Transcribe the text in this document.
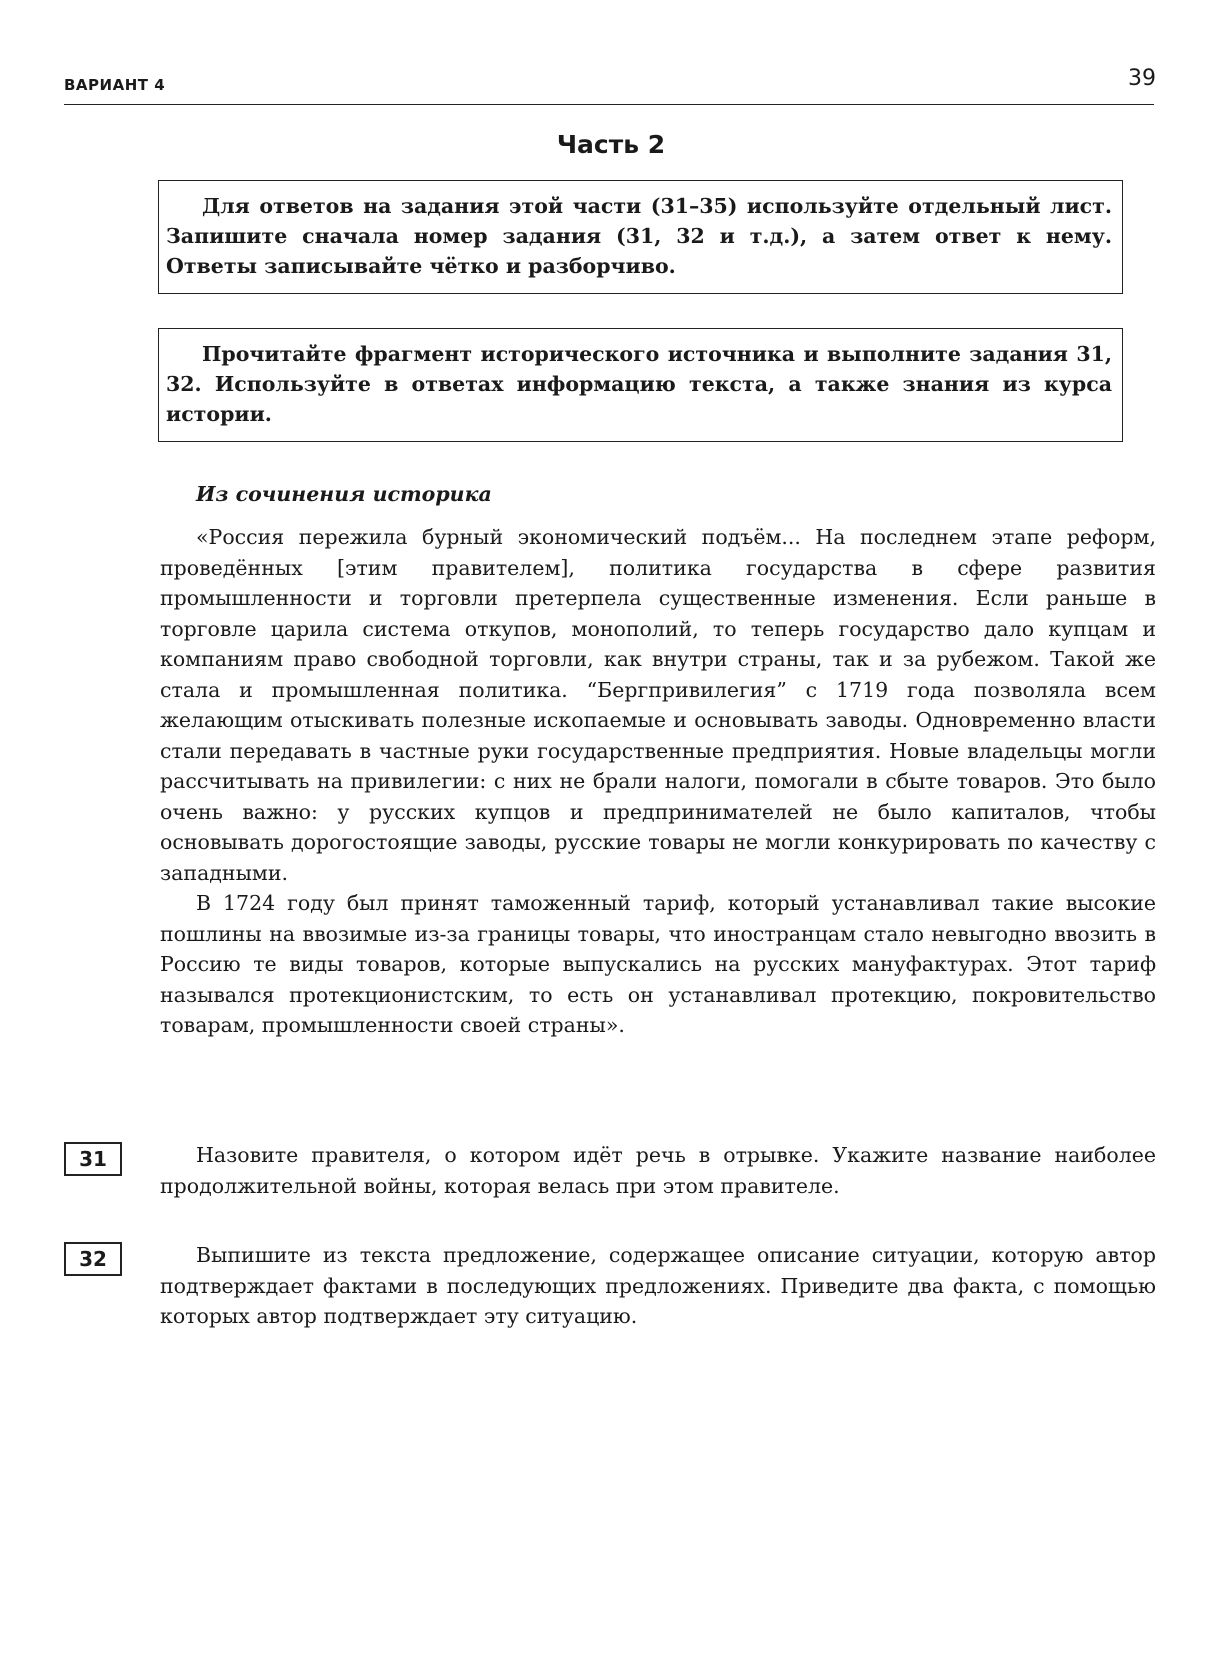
ВАРИАНТ 4	39
Часть 2

Для ответов на задания этой части (31–35) используйте отдельный лист. Запишите сначала номер задания (31, 32 и т.д.), а затем ответ к нему. Ответы записывайте чётко и разборчиво.

Прочитайте фрагмент исторического источника и выполните задания 31, 32. Используйте в ответах информацию текста, а также знания из курса истории.

Из сочинения историка

«Россия пережила бурный экономический подъём... На последнем этапе реформ, проведённых [этим правителем], политика государства в сфере развития промышленности и торговли претерпела существенные изменения. Если раньше в торговле царила система откупов, монополий, то теперь государство дало купцам и компаниям право свободной торговли, как внутри страны, так и за рубежом. Такой же стала и промышленная политика. “Бергпривилегия” с 1719 года позволяла всем желающим отыскивать полезные ископаемые и основывать заводы. Одновременно власти стали передавать в частные руки государственные предприятия. Новые владельцы могли рассчитывать на привилегии: с них не брали налоги, помогали в сбыте товаров. Это было очень важно: у русских купцов и предпринимателей не было капиталов, чтобы основывать дорогостоящие заводы, русские товары не могли конкурировать по качеству с западными.

В 1724 году был принят таможенный тариф, который устанавливал такие высокие пошлины на ввозимые из-за границы товары, что иностранцам стало невыгодно ввозить в Россию те виды товаров, которые выпускались на русских мануфактурах. Этот тариф назывался протекционистским, то есть он устанавливал протекцию, покровительство товарам, промышленности своей страны».

31	Назовите правителя, о котором идёт речь в отрывке. Укажите название наиболее продолжительной войны, которая велась при этом правителе.
32	Выпишите из текста предложение, содержащее описание ситуации, которую автор подтверждает фактами в последующих предложениях. Приведите два факта, с помощью которых автор подтверждает эту ситуацию.
